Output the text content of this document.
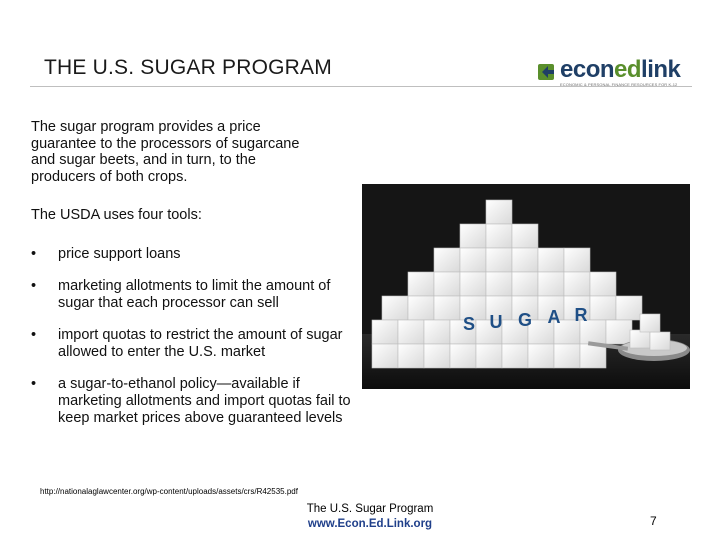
THE U.S. SUGAR PROGRAM	econedlink
ECONOMIC & PERSONAL FINANCE RESOURCES FOR K-12
The sugar program provides a price guarantee to the processors of sugarcane and sugar beets, and in turn, to the producers of both crops.
The USDA uses four tools:
• price support loans
• marketing allotments to limit the amount of sugar that each processor can sell
• import quotas to restrict the amount of sugar allowed to enter the U.S. market
• a sugar-to-ethanol policy—available if marketing allotments and import quotas fail to keep market prices above guaranteed levels
S U G A R
http://nationalaglawcenter.org/wp-content/uploads/assets/crs/R42535.pdf
The U.S. Sugar Program
www.Econ.Ed.Link.org	7
